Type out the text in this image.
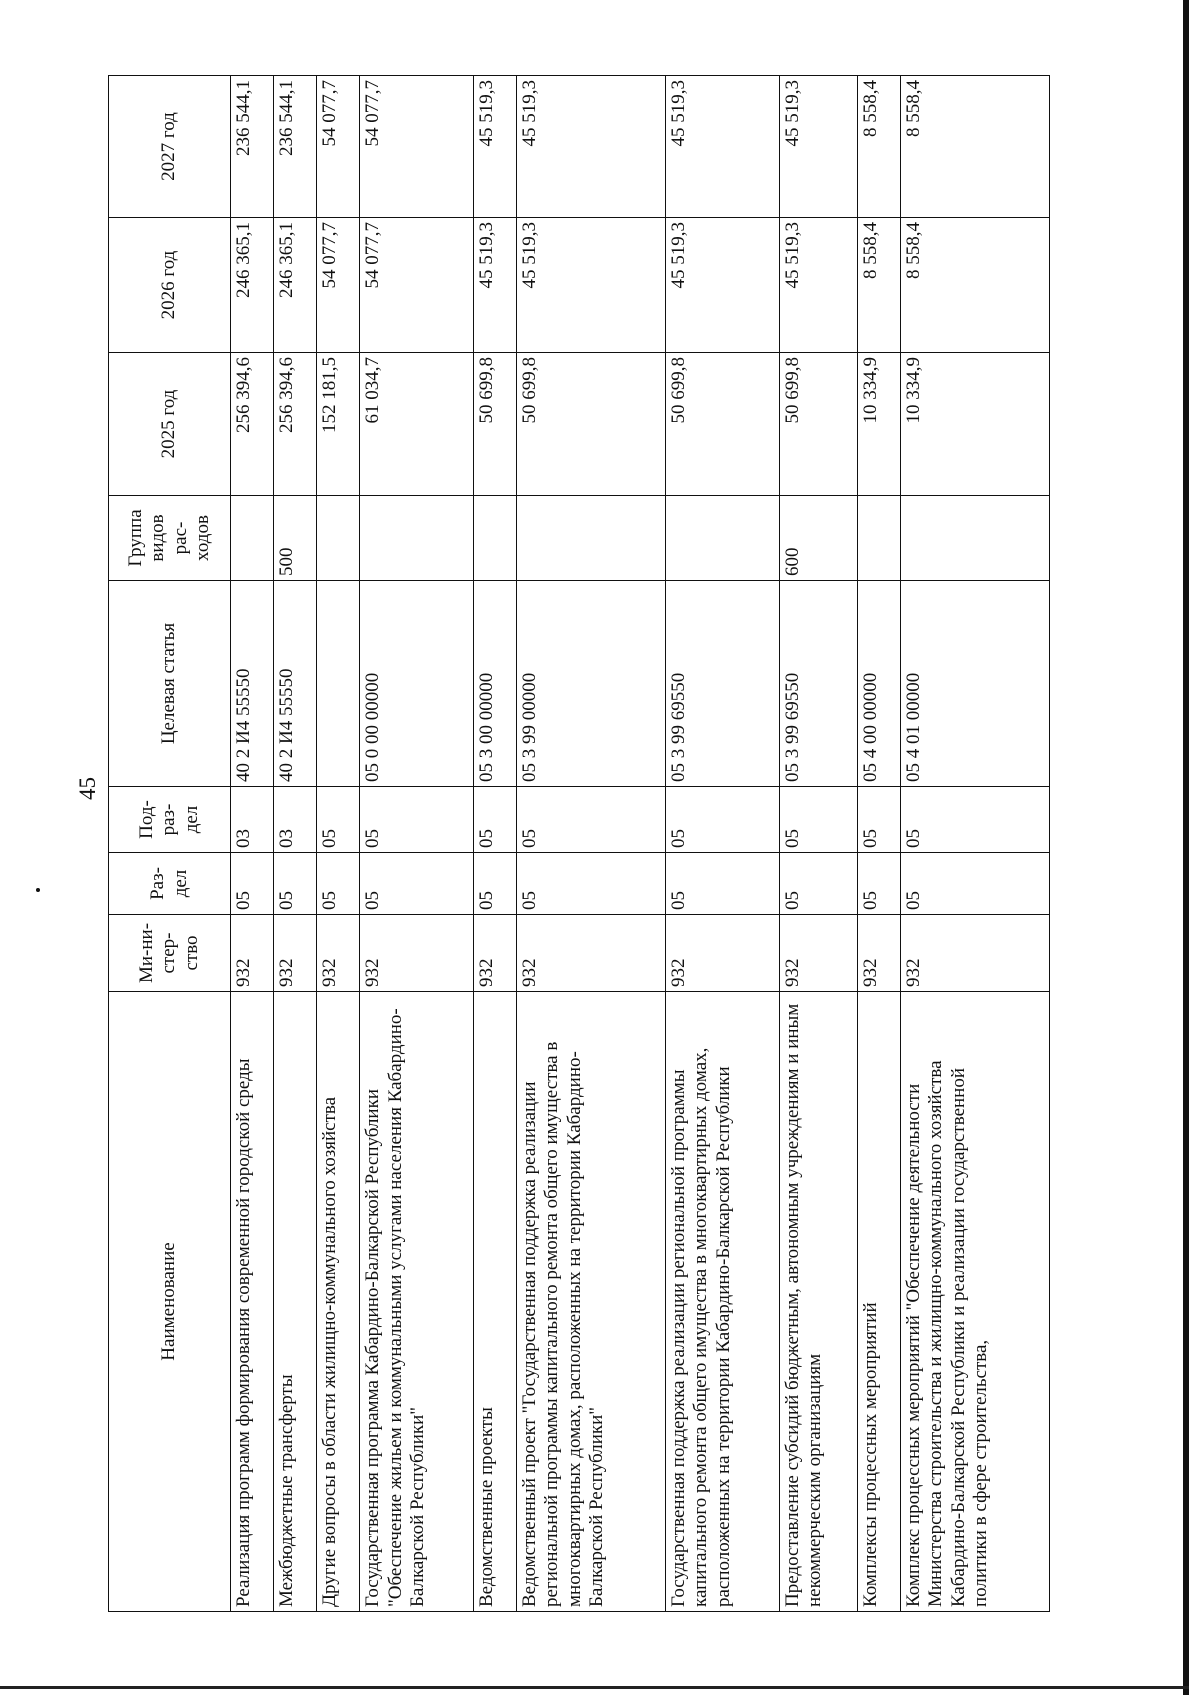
45
Наименование	Ми-ни-стер-ство	Раз-дел	Под-раз-дел	Целевая статья	Группа видов рас-ходов	2025 год	2026 год	2027 год
Реализация программ формирования современной городской среды	932	05	03	40 2 И4 55550		256 394,6	246 365,1	236 544,1
Межбюджетные трансферты	932	05	03	40 2 И4 55550	500	256 394,6	246 365,1	236 544,1
Другие вопросы в области жилищно-коммунального хозяйства	932	05	05			152 181,5	54 077,7	54 077,7
Государственная программа Кабардино-Балкарской Республики "Обеспечение жильем и коммунальными услугами населения Кабардино-Балкарской Республики"	932	05	05	05 0 00 00000		61 034,7	54 077,7	54 077,7
Ведомственные проекты	932	05	05	05 3 00 00000		50 699,8	45 519,3	45 519,3
Ведомственный проект "Государственная поддержка реализации региональной программы капитального ремонта общего имущества в многоквартирных домах, расположенных на территории Кабардино-Балкарской Республики"	932	05	05	05 3 99 00000		50 699,8	45 519,3	45 519,3
Государственная поддержка реализации региональной программы капитального ремонта общего имущества в многоквартирных домах, расположенных на территории Кабардино-Балкарской Республики	932	05	05	05 3 99 69550		50 699,8	45 519,3	45 519,3
Предоставление субсидий бюджетным, автономным учреждениям и иным некоммерческим организациям	932	05	05	05 3 99 69550	600	50 699,8	45 519,3	45 519,3
Комплексы процессных мероприятий	932	05	05	05 4 00 00000		10 334,9	8 558,4	8 558,4
Комплекс процессных мероприятий "Обеспечение деятельности Министерства строительства и жилищно-коммунального хозяйства Кабардино-Балкарской Республики и реализации государственной политики в сфере строительства,	932	05	05	05 4 01 00000		10 334,9	8 558,4	8 558,4
